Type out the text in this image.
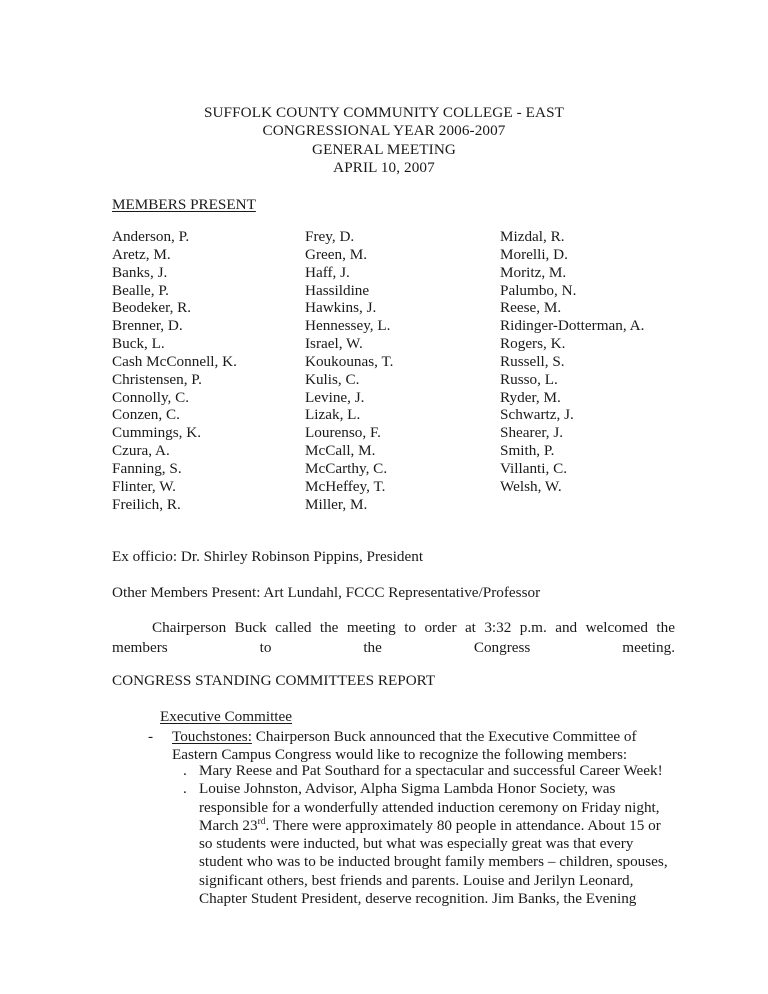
SUFFOLK COUNTY COMMUNITY COLLEGE - EAST
CONGRESSIONAL YEAR 2006-2007
GENERAL MEETING
APRIL 10, 2007
MEMBERS PRESENT
Anderson, P.
Aretz, M.
Banks, J.
Bealle, P.
Beodeker, R.
Brenner, D.
Buck, L.
Cash McConnell, K.
Christensen, P.
Connolly, C.
Conzen, C.
Cummings, K.
Czura, A.
Fanning, S.
Flinter, W.
Freilich, R.
Frey, D.
Green, M.
Haff, J.
Hassildine
Hawkins, J.
Hennessey, L.
Israel, W.
Koukounas, T.
Kulis, C.
Levine, J.
Lizak, L.
Lourenso, F.
McCall, M.
McCarthy, C.
McHeffey, T.
Miller, M.
Mizdal, R.
Morelli, D.
Moritz, M.
Palumbo, N.
Reese, M.
Ridinger-Dotterman, A.
Rogers, K.
Russell, S.
Russo, L.
Ryder, M.
Schwartz, J.
Shearer, J.
Smith, P.
Villanti, C.
Welsh, W.
Ex officio: Dr. Shirley Robinson Pippins, President
Other Members Present: Art Lundahl, FCCC Representative/Professor
Chairperson Buck called the meeting to order at 3:32 p.m. and welcomed the members to the Congress meeting.
CONGRESS STANDING COMMITTEES REPORT
Executive Committee
-	Touchstones: Chairperson Buck announced that the Executive Committee of Eastern Campus Congress would like to recognize the following members:
. Mary Reese and Pat Southard for a spectacular and successful Career Week!
. Louise Johnston, Advisor, Alpha Sigma Lambda Honor Society, was responsible for a wonderfully attended induction ceremony on Friday night, March 23rd. There were approximately 80 people in attendance. About 15 or so students were inducted, but what was especially great was that every student who was to be inducted brought family members – children, spouses, significant others, best friends and parents. Louise and Jerilyn Leonard, Chapter Student President, deserve recognition. Jim Banks, the Evening
